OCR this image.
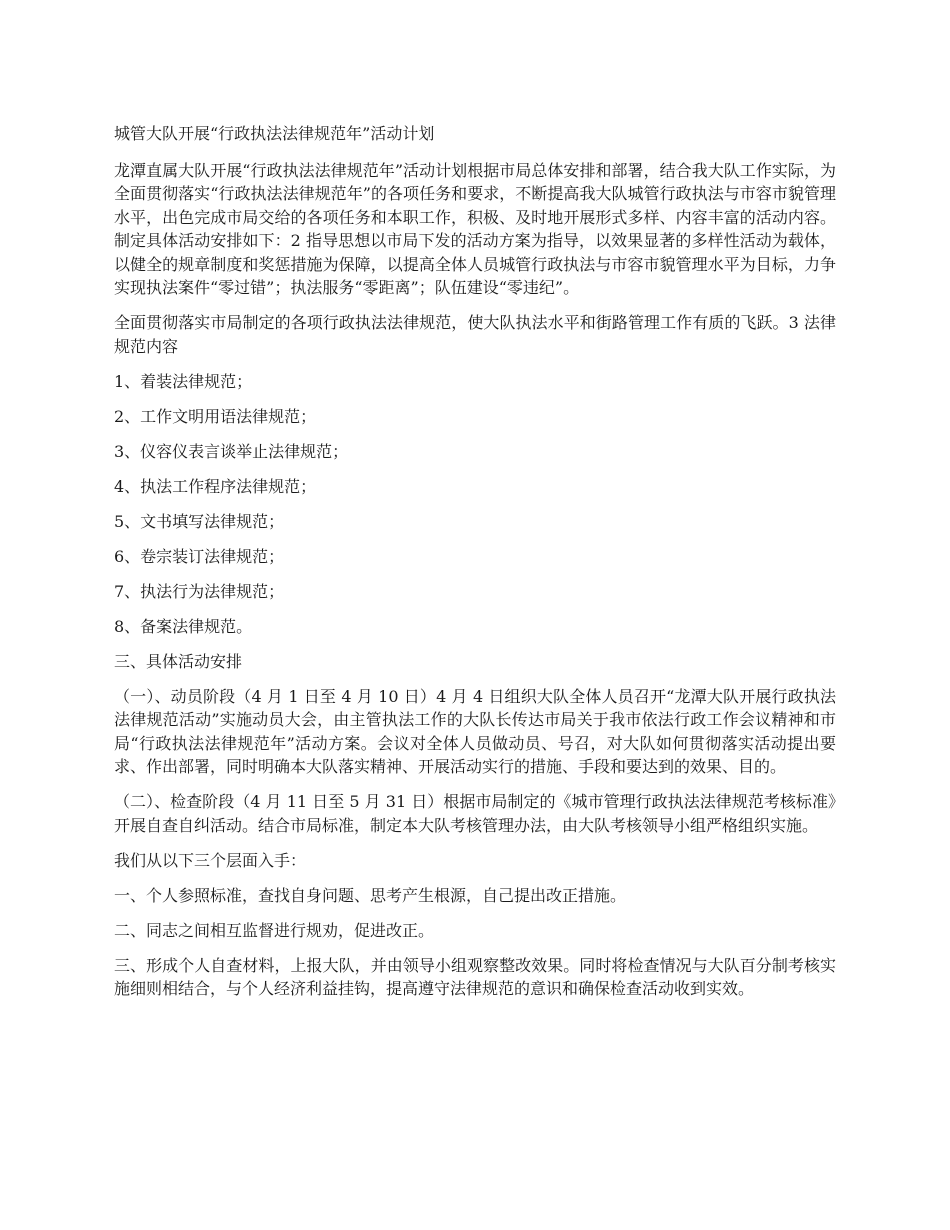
城管大队开展“行政执法法律规范年”活动计划

龙潭直属大队开展“行政执法法律规范年”活动计划根据市局总体安排和部署，结合我大队工作实际，为全面贯彻落实“行政执法法律规范年”的各项任务和要求，不断提高我大队城管行政执法与市容市貌管理水平，出色完成市局交给的各项任务和本职工作，积极、及时地开展形式多样、内容丰富的活动内容。制定具体活动安排如下：2 指导思想以市局下发的活动方案为指导，以效果显著的多样性活动为载体，以健全的规章制度和奖惩措施为保障，以提高全体人员城管行政执法与市容市貌管理水平为目标，力争实现执法案件“零过错”；执法服务“零距离”；队伍建设“零违纪”。

全面贯彻落实市局制定的各项行政执法法律规范，使大队执法水平和街路管理工作有质的飞跃。3 法律规范内容

1、着装法律规范；

2、工作文明用语法律规范；

3、仪容仪表言谈举止法律规范；

4、执法工作程序法律规范；

5、文书填写法律规范；

6、卷宗装订法律规范；

7、执法行为法律规范；

8、备案法律规范。

三、具体活动安排

（一）、动员阶段（4 月 1 日至 4 月 10 日）4 月 4 日组织大队全体人员召开“龙潭大队开展行政执法法律规范活动”实施动员大会，由主管执法工作的大队长传达市局关于我市依法行政工作会议精神和市局“行政执法法律规范年”活动方案。会议对全体人员做动员、号召，对大队如何贯彻落实活动提出要求、作出部署，同时明确本大队落实精神、开展活动实行的措施、手段和要达到的效果、目的。

（二）、检查阶段（4 月 11 日至 5 月 31 日）根据市局制定的《城市管理行政执法法律规范考核标准》开展自查自纠活动。结合市局标准，制定本大队考核管理办法，由大队考核领导小组严格组织实施。

我们从以下三个层面入手：

一、个人参照标准，查找自身问题、思考产生根源，自己提出改正措施。

二、同志之间相互监督进行规劝，促进改正。

三、形成个人自查材料，上报大队，并由领导小组观察整改效果。同时将检查情况与大队百分制考核实施细则相结合，与个人经济利益挂钩，提高遵守法律规范的意识和确保检查活动收到实效。
